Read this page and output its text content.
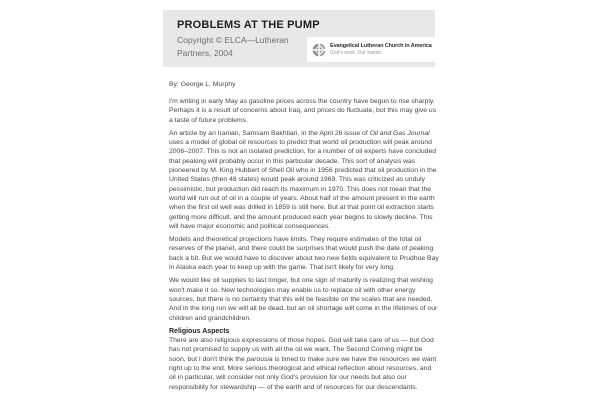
PROBLEMS AT THE PUMP
Copyright © ELCA—Lutheran Partners, 2004
Evangelical Lutheran Church in America
God's work. Our hands.
By: George L. Murphy

I'm writing in early May as gasoline prices across the country have begun to rise sharply. Perhaps it is a result of concerns about Iraq, and prices do fluctuate, but this may give us a taste of future problems.

An article by an Iranian, Samsam Bakhtiari, in the April 26 issue of Oil and Gas Journal uses a model of global oil resources to predict that world oil production will peak around 2006–2007. This is not an isolated prediction, for a number of oil experts have concluded that peaking will probably occur in this particular decade. This sort of analysis was pioneered by M. King Hubbert of Shell Oil who in 1956 predicted that oil production in the United States (then 48 states) would peak around 1969. This was criticized as unduly pessimistic, but production did reach its maximum in 1970. This does not mean that the world will run out of oil in a couple of years. About half of the amount present in the earth when the first oil well was drilled in 1859 is still here. But at that point oil extraction starts getting more difficult, and the amount produced each year begins to slowly decline. This will have major economic and political consequences.

Models and theoretical projections have limits. They require estimates of the total oil reserves of the planet, and there could be surprises that would push the date of peaking back a bit. But we would have to discover about two new fields equivalent to Prudhoe Bay in Alaska each year to keep up with the game. That isn't likely for very long.

We would like oil supplies to last longer, but one sign of maturity is realizing that wishing won't make it so. New technologies may enable us to replace oil with other energy sources, but there is no certainty that this will be feasible on the scales that are needed. And in the long run we will all be dead, but an oil shortage will come in the lifetimes of our children and grandchildren.

Religious Aspects

There are also religious expressions of those hopes. God will take care of us — but God has not promised to supply us with all the oil we want. The Second Coming might be soon, but I don't think the parousia is timed to make sure we have the resources we want right up to the end. More serious theological and ethical reflection about resources, and oil in particular, will consider not only God's provision for our needs but also our responsibility for stewardship — of the earth and of resources for our descendants.
